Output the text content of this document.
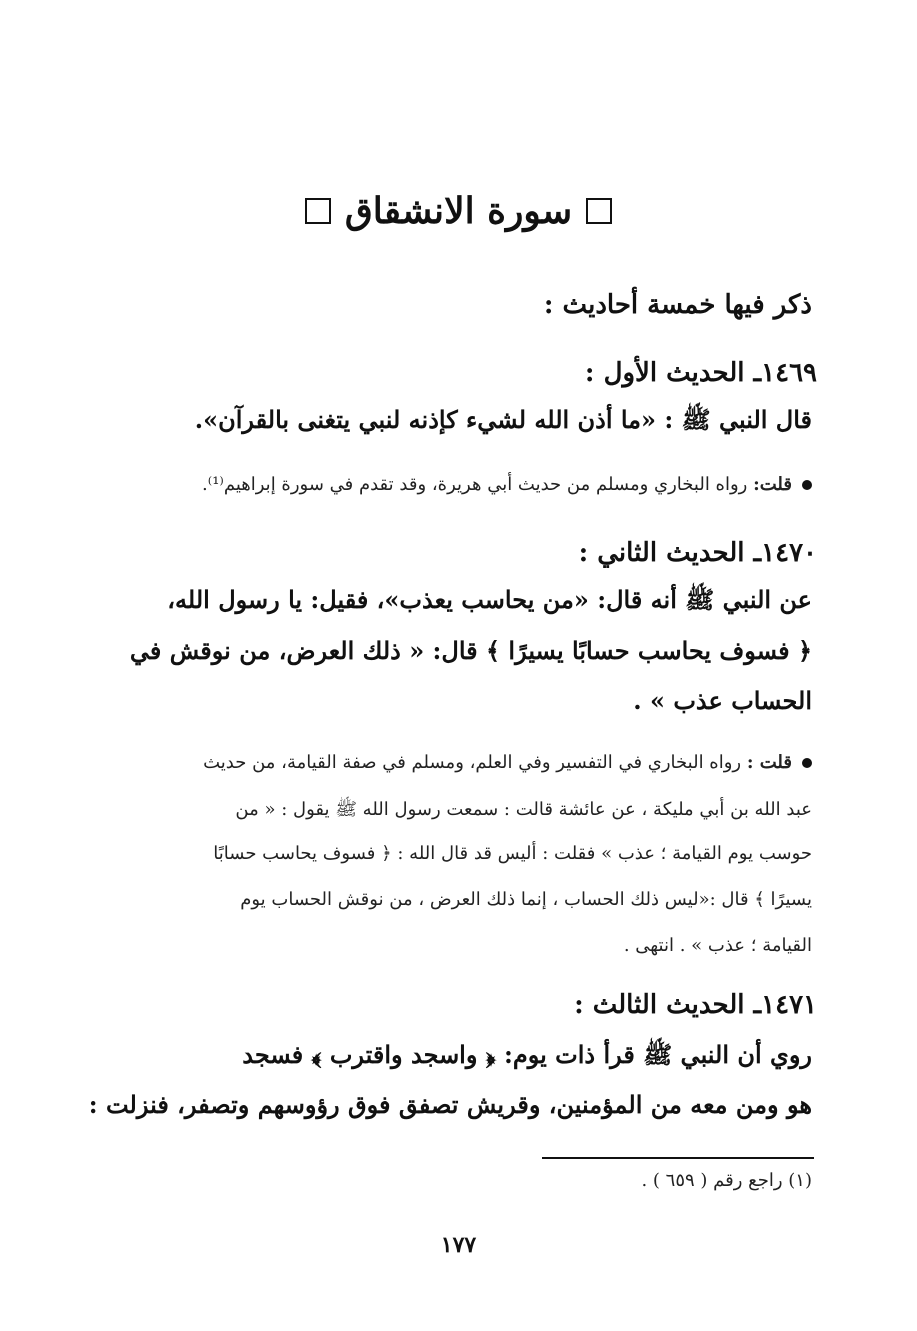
سورة الانشقاق
ذكر فيها خمسة أحاديث :
١٤٦٩ـ الحديث الأول :
قال النبي ﷺ : «ما أذن الله لشيء كإذنه لنبي يتغنى بالقرآن».
قلت: رواه البخاري ومسلم من حديث أبي هريرة، وقد تقدم في سورة إبراهيم⁽¹⁾.
١٤٧٠ـ الحديث الثاني :
عن النبي ﷺ أنه قال: «من يحاسب يعذب»، فقيل: يا رسول الله،
﴿ فسوف يحاسب حسابًا يسيرًا ﴾ قال: « ذلك العرض، من نوقش في
الحساب عذب » .
قلت : رواه البخاري في التفسير وفي العلم، ومسلم في صفة القيامة، من حديث
عبد الله بن أبي مليكة ، عن عائشة قالت : سمعت رسول الله ﷺ يقول : « من
حوسب يوم القيامة ؛ عذب » فقلت : أليس قد قال الله : ﴿ فسوف يحاسب حسابًا
يسيرًا ﴾ قال :«ليس ذلك الحساب ، إنما ذلك العرض ، من نوقش الحساب يوم
القيامة ؛ عذب » . انتهى .
١٤٧١ـ الحديث الثالث :
روي أن النبي ﷺ قرأ ذات يوم: ﴿ واسجد واقترب ﴾ فسجد
هو ومن معه من المؤمنين، وقريش تصفق فوق رؤوسهم وتصفر، فنزلت :
(١) راجع رقم ( ٦٥٩ ) .
١٧٧
